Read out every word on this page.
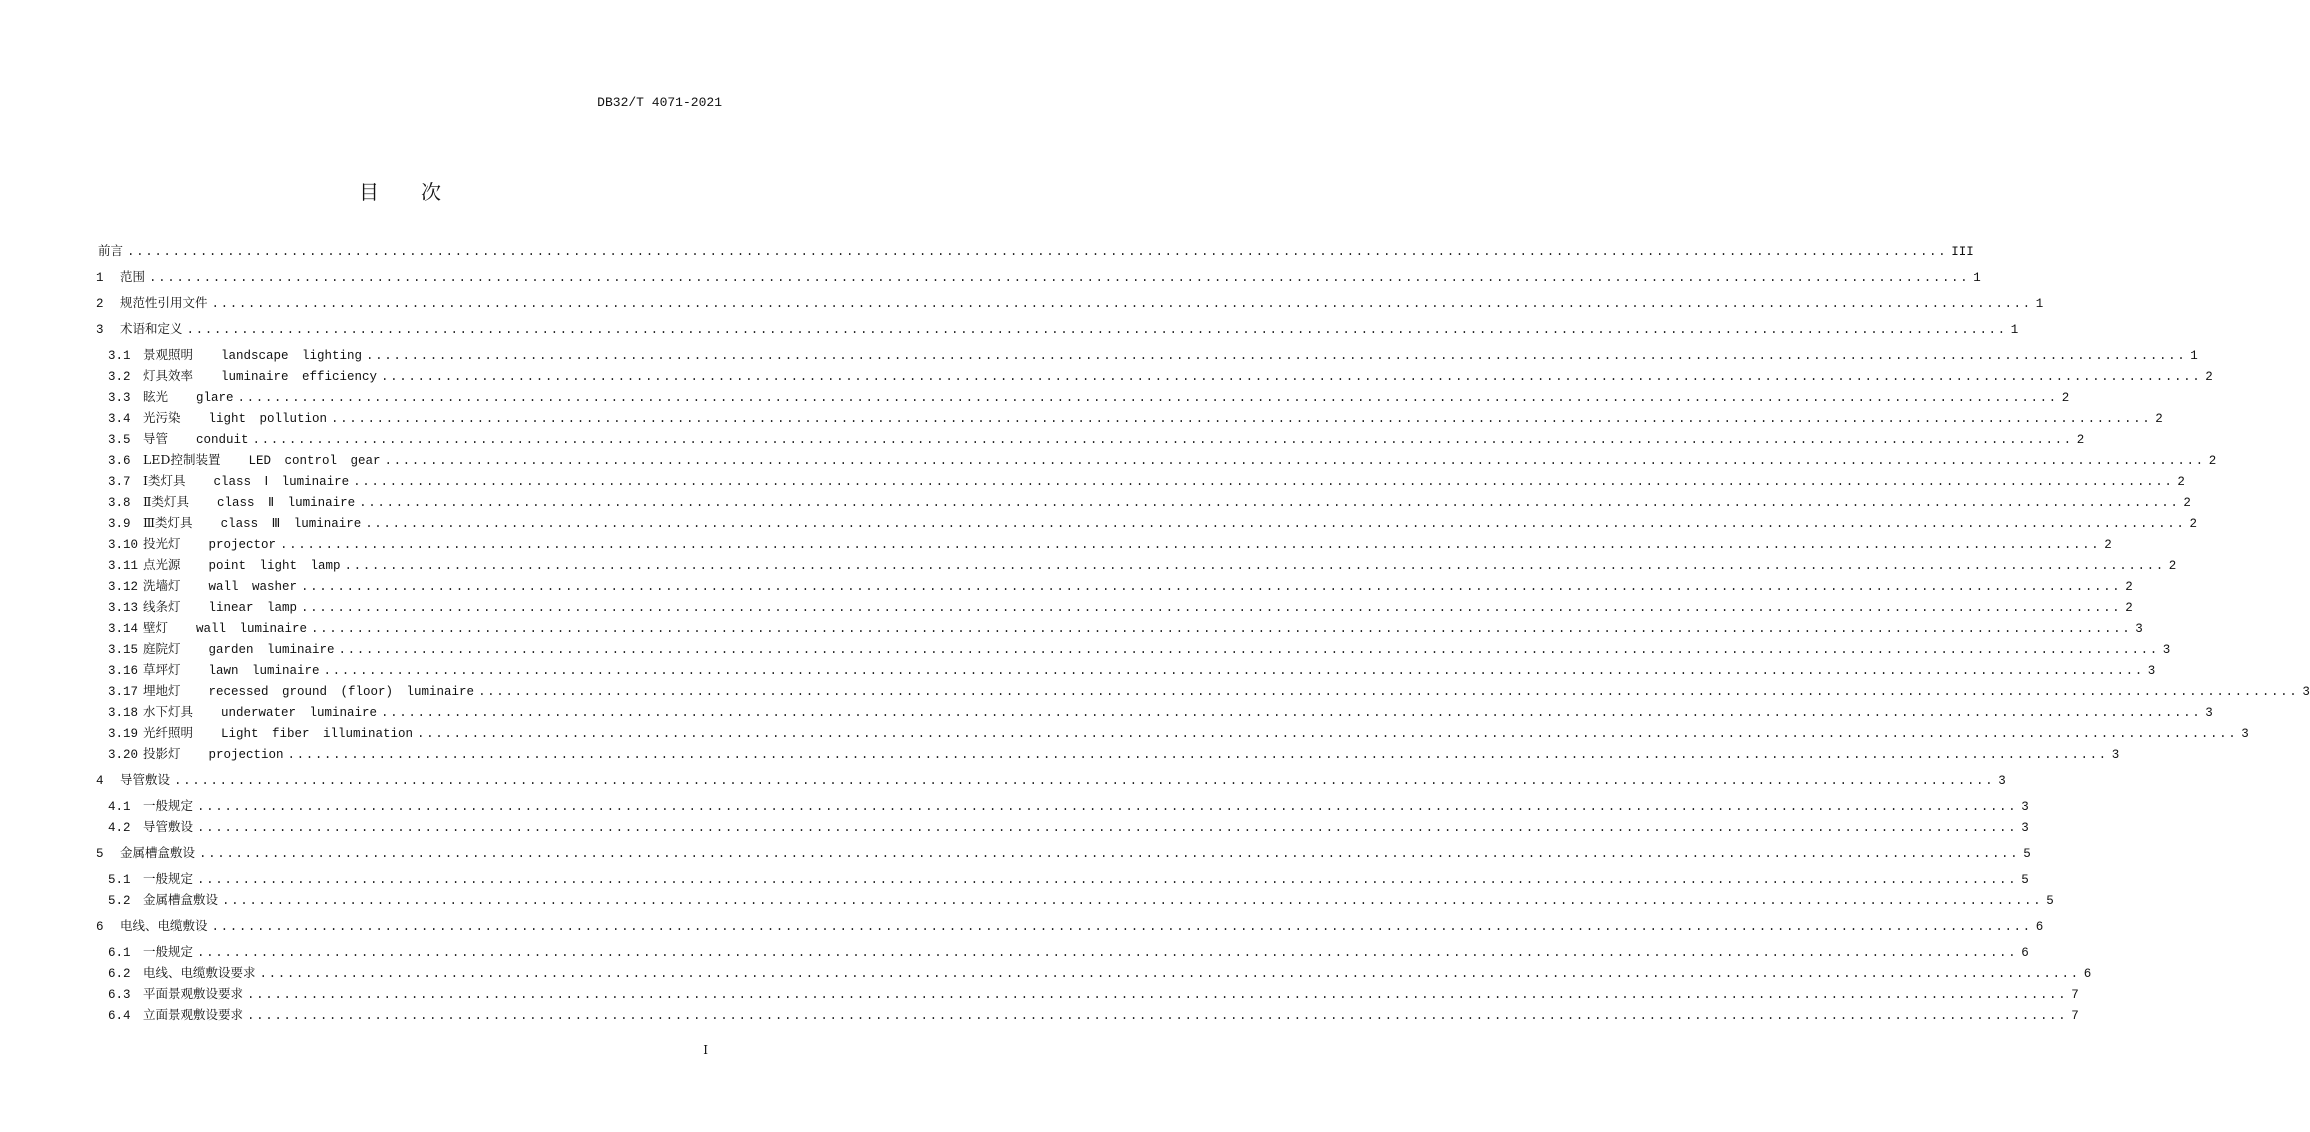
DB32/T 4071-2021
目次
前言 ........................................................................................................................................................................................................ III
1	范围 ........................................................................................................................................................................................................ 1
2	规范性引用文件 ........................................................................................................................................................................................................ 1
3	术语和定义 ........................................................................................................................................................................................................ 1
3.1 景观照明 landscape lighting ........................................................................................................................................................................................................ 1
3.2 灯具效率 luminaire efficiency ........................................................................................................................................................................................................ 2
3.3 眩光 glare ........................................................................................................................................................................................................ 2
3.4 光污染 light pollution ........................................................................................................................................................................................................ 2
3.5 导管 conduit ........................................................................................................................................................................................................ 2
3.6 LED控制装置 LED control gear ........................................................................................................................................................................................................ 2
3.7 Ⅰ类灯具 class Ⅰ luminaire ........................................................................................................................................................................................................ 2
3.8 Ⅱ类灯具 class Ⅱ luminaire ........................................................................................................................................................................................................ 2
3.9 Ⅲ类灯具 class Ⅲ luminaire ........................................................................................................................................................................................................ 2
3.10 投光灯 projector ........................................................................................................................................................................................................ 2
3.11 点光源 point light lamp ........................................................................................................................................................................................................ 2
3.12 洗墙灯 wall washer ........................................................................................................................................................................................................ 2
3.13 线条灯 linear lamp ........................................................................................................................................................................................................ 2
3.14 壁灯 wall luminaire ........................................................................................................................................................................................................ 3
3.15 庭院灯 garden luminaire ........................................................................................................................................................................................................ 3
3.16 草坪灯 lawn luminaire ........................................................................................................................................................................................................ 3
3.17 埋地灯 recessed ground (floor) luminaire ........................................................................................................................................................................................................ 3
3.18 水下灯具 underwater luminaire ........................................................................................................................................................................................................ 3
3.19 光纤照明 Light fiber illumination ........................................................................................................................................................................................................ 3
3.20 投影灯 projection ........................................................................................................................................................................................................ 3
4	导管敷设 ........................................................................................................................................................................................................ 3
4.1 一般规定 ........................................................................................................................................................................................................ 3
4.2 导管敷设 ........................................................................................................................................................................................................ 3
5	金属槽盒敷设 ........................................................................................................................................................................................................ 5
5.1 一般规定 ........................................................................................................................................................................................................ 5
5.2 金属槽盒敷设 ........................................................................................................................................................................................................ 5
6	电线、电缆敷设 ........................................................................................................................................................................................................ 6
6.1 一般规定 ........................................................................................................................................................................................................ 6
6.2 电线、电缆敷设要求 ........................................................................................................................................................................................................ 6
6.3 平面景观敷设要求 ........................................................................................................................................................................................................ 7
6.4 立面景观敷设要求 ........................................................................................................................................................................................................ 7
I
